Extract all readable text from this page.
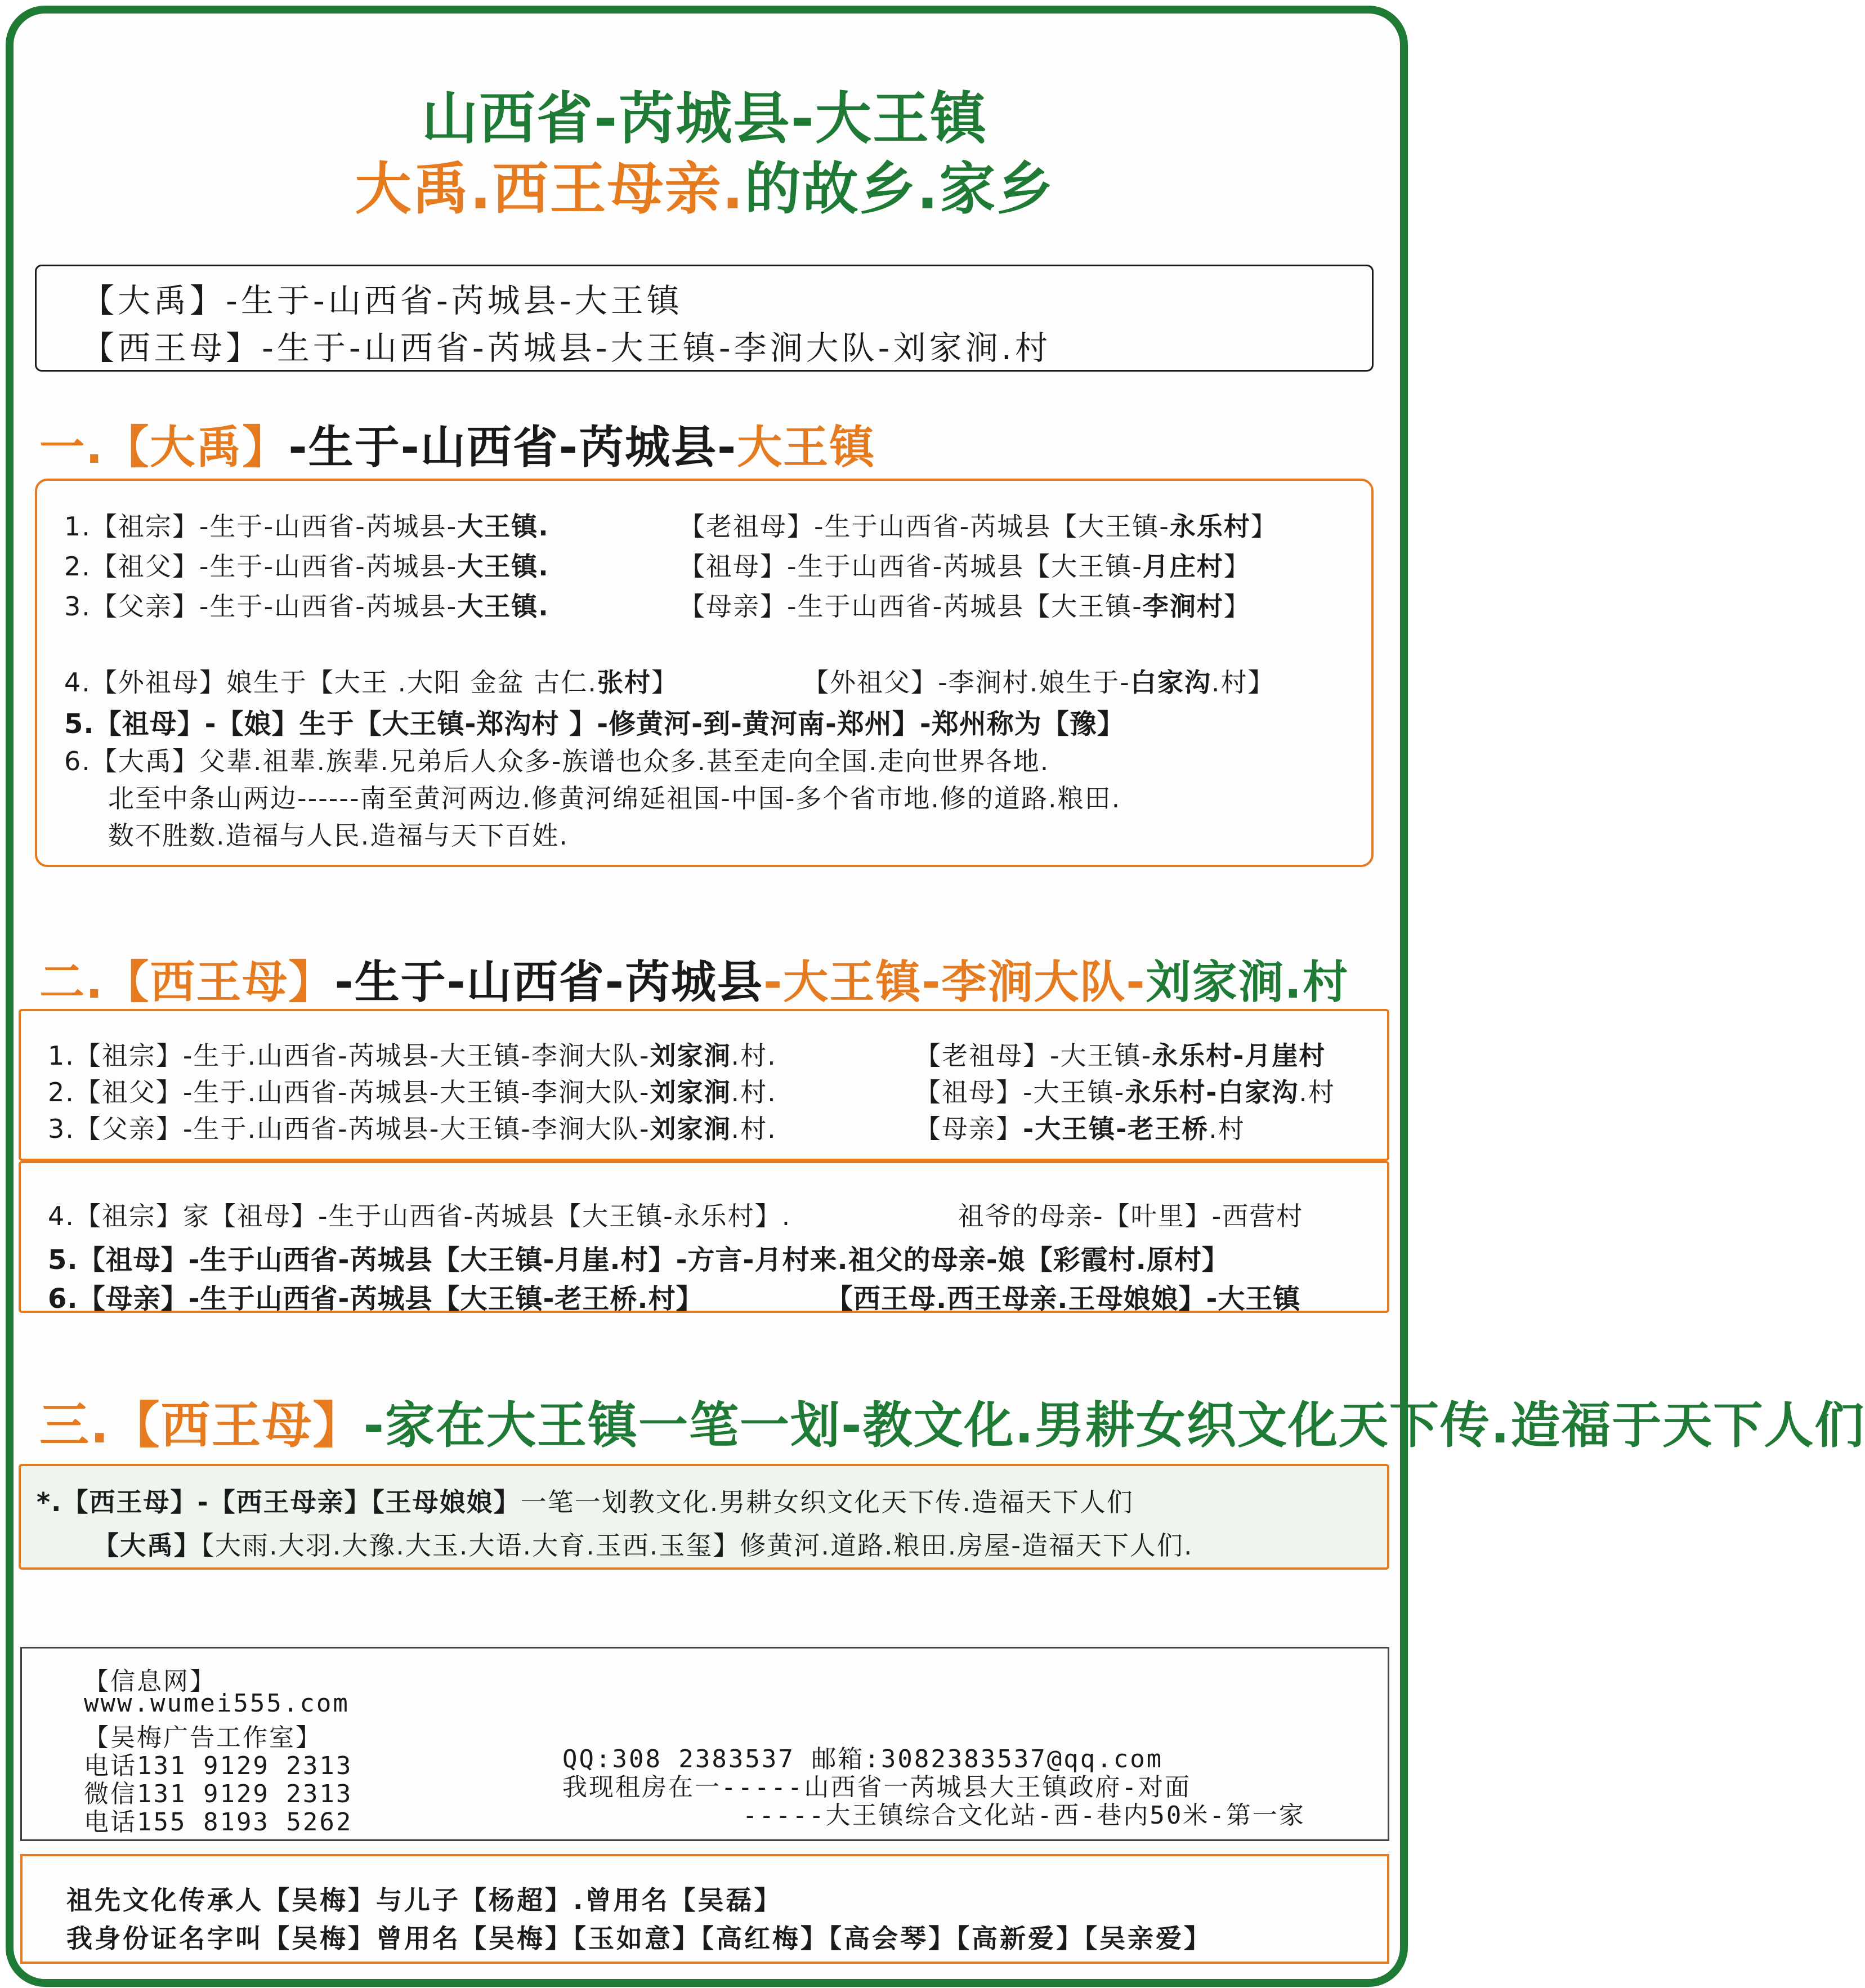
山西省-芮城县-大王镇
大禹.西王母亲.的故乡.家乡
【大禹】-生于-山西省-芮城县-大王镇
【西王母】-生于-山西省-芮城县-大王镇-李涧大队-刘家涧.村
一.【大禹】-生于-山西省-芮城县-大王镇
1.【祖宗】-生于-山西省-芮城县-大王镇.	【老祖母】-生于山西省-芮城县【大王镇-永乐村】
2.【祖父】-生于-山西省-芮城县-大王镇.	【祖母】-生于山西省-芮城县【大王镇-月庄村】
3.【父亲】-生于-山西省-芮城县-大王镇.	【母亲】-生于山西省-芮城县【大王镇-李涧村】
4.【外祖母】娘生于【大王 .大阳 金盆 古仁.张村】	【外祖父】-李涧村.娘生于-白家沟.村】
5.【祖母】-【娘】生于【大王镇-郑沟村 】-修黄河-到-黄河南-郑州】-郑州称为【豫】
6.【大禹】父辈.祖辈.族辈.兄弟后人众多-族谱也众多.甚至走向全国.走向世界各地.
北至中条山两边------南至黄河两边.修黄河绵延祖国-中国-多个省市地.修的道路.粮田.
数不胜数.造福与人民.造福与天下百姓.
二.【西王母】-生于-山西省-芮城县-大王镇-李涧大队-刘家涧.村
1.【祖宗】-生于.山西省-芮城县-大王镇-李涧大队-刘家涧.村.	【老祖母】-大王镇-永乐村-月崖村
2.【祖父】-生于.山西省-芮城县-大王镇-李涧大队-刘家涧.村.	【祖母】-大王镇-永乐村-白家沟.村
3.【父亲】-生于.山西省-芮城县-大王镇-李涧大队-刘家涧.村.	【母亲】-大王镇-老王桥.村
4.【祖宗】家【祖母】-生于山西省-芮城县【大王镇-永乐村】.	祖爷的母亲-【叶里】-西营村
5.【祖母】-生于山西省-芮城县【大王镇-月崖.村】-方言-月村来.祖父的母亲-娘【彩霞村.原村】
6.【母亲】-生于山西省-芮城县【大王镇-老王桥.村】	【西王母.西王母亲.王母娘娘】-大王镇
三.【西王母】-家在大王镇一笔一划-教文化.男耕女织文化天下传.造福于天下人们
*.【西王母】-【西王母亲】【王母娘娘】一笔一划教文化.男耕女织文化天下传.造福天下人们
【大禹】【大雨.大羽.大豫.大玉.大语.大育.玉西.玉玺】修黄河.道路.粮田.房屋-造福天下人们.
【信息网】
www.wumei555.com
【吴梅广告工作室】
电话131 9129 2313
微信131 9129 2313
电话155 8193 5262
QQ:308 2383537 邮箱:3082383537@qq.com
我现租房在一-----山西省一芮城县大王镇政府-对面
-----大王镇综合文化站-西-巷内50米-第一家
祖先文化传承人【吴梅】与儿子【杨超】.曾用名【吴磊】
我身份证名字叫【吴梅】曾用名【吴梅】【玉如意】【高红梅】【高会琴】【高新爱】【吴亲爱】
